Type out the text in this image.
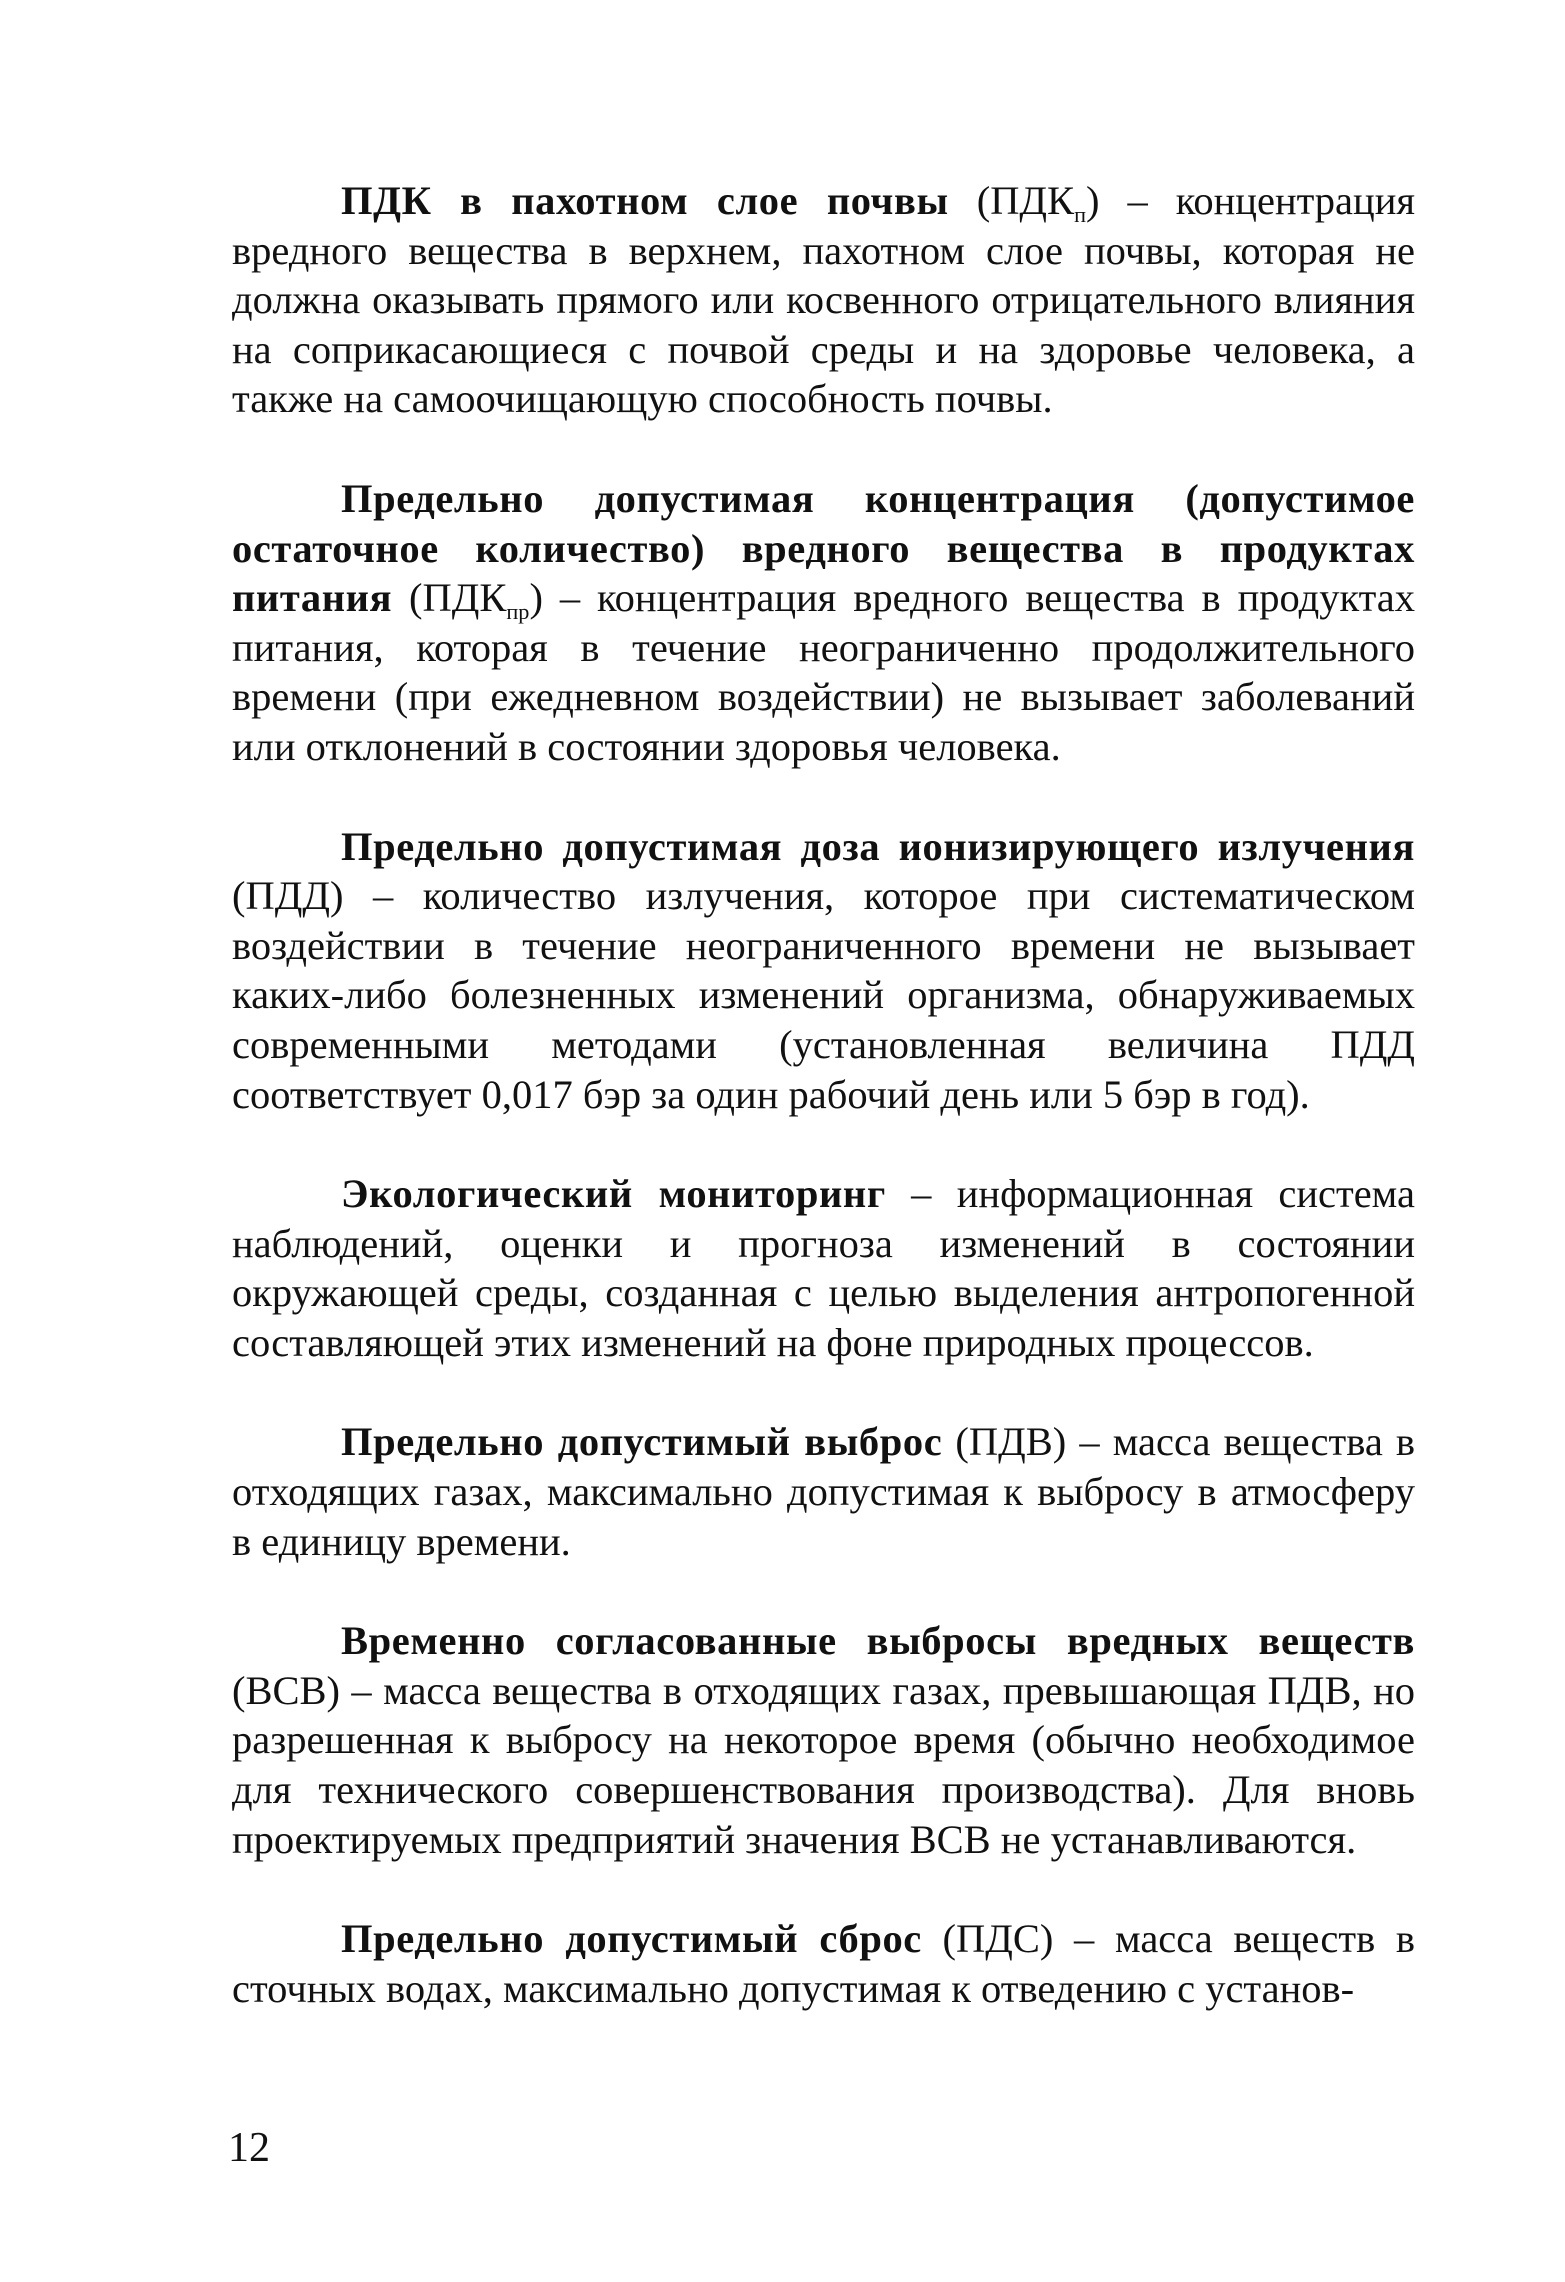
ПДК в пахотном слое почвы $(ПДК_п)$ – концентрация вредного вещества в верхнем, пахотном слое почвы, которая не должна оказывать прямого или косвенного отрицательного влияния на соприкасающиеся с почвой среды и на здоровье человека, а также на самоочищающую способность почвы.

Предельно допустимая концентрация (допустимое остаточное количество) вредного вещества в продуктах питания $(ПДК_{пр})$ – концентрация вредного вещества в продуктах питания, которая в течение неограниченно продолжительного времени (при ежедневном воздействии) не вызывает заболеваний или отклонений в состоянии здоровья человека.

Предельно допустимая доза ионизирующего излучения (ПДД) – количество излучения, которое при систематическом воздействии в течение неограниченного времени не вызывает каких-либо болезненных изменений организма, обнаруживаемых современными методами (установленная величина ПДД соответствует 0,017 бэр за один рабочий день или 5 бэр в год).

Экологический мониторинг – информационная система наблюдений, оценки и прогноза изменений в состоянии окружающей среды, созданная с целью выделения антропогенной составляющей этих изменений на фоне природных процессов.

Предельно допустимый выброс (ПДВ) – масса вещества в отходящих газах, максимально допустимая к выбросу в атмосферу в единицу времени.

Временно согласованные выбросы вредных веществ (ВСВ) – масса вещества в отходящих газах, превышающая ПДВ, но разрешенная к выбросу на некоторое время (обычно необходимое для технического совершенствования производства). Для вновь проектируемых предприятий значения ВСВ не устанавливаются.

Предельно допустимый сброс (ПДС) – масса веществ в сточных водах, максимально допустимая к отведению с установ-

12
